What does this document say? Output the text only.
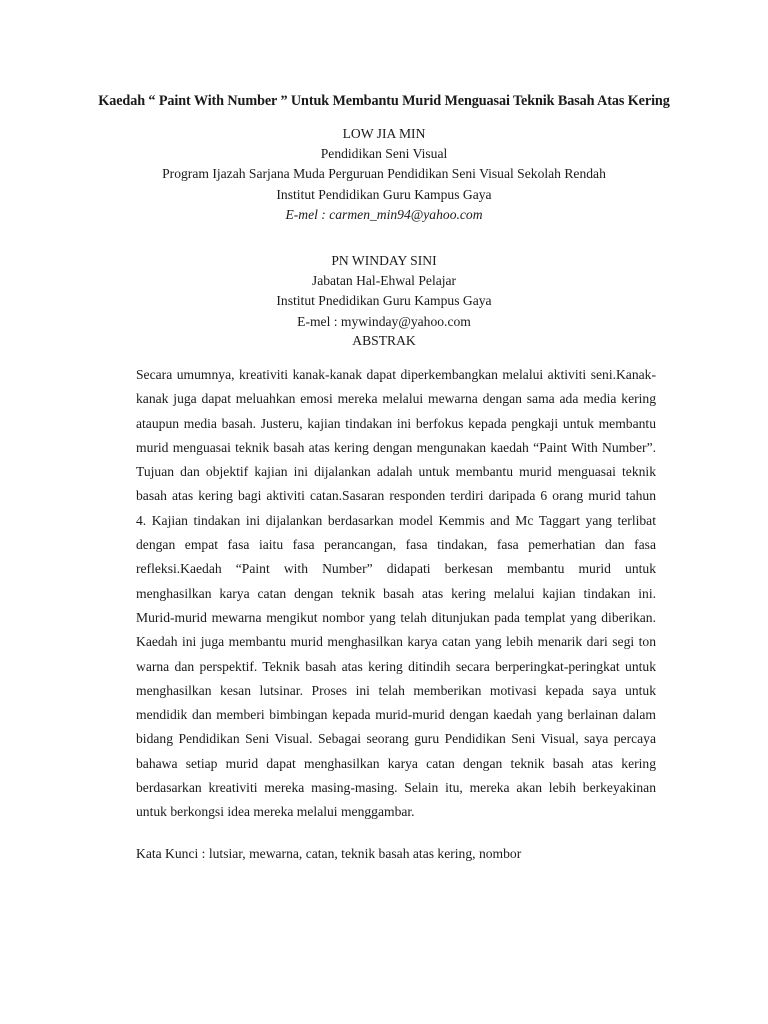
Kaedah “ Paint With Number ” Untuk Membantu Murid Menguasai Teknik Basah Atas Kering
LOW JIA MIN
Pendidikan Seni Visual
Program Ijazah Sarjana Muda Perguruan Pendidikan Seni Visual Sekolah Rendah
Institut Pendidikan Guru Kampus Gaya
E-mel : carmen_min94@yahoo.com
PN WINDAY SINI
Jabatan Hal-Ehwal Pelajar
Institut Pnedidikan Guru Kampus Gaya
E-mel : mywinday@yahoo.com
ABSTRAK
Secara umumnya, kreativiti kanak-kanak dapat diperkembangkan melalui aktiviti seni.Kanak-
kanak juga dapat meluahkan emosi mereka melalui mewarna dengan sama ada media kering
ataupun media basah. Justeru, kajian tindakan ini berfokus kepada pengkaji untuk membantu
murid menguasai teknik basah atas kering dengan mengunakan kaedah “Paint With Number”.
Tujuan dan objektif kajian ini dijalankan adalah untuk membantu murid menguasai teknik
basah atas kering bagi aktiviti catan.Sasaran responden terdiri daripada 6 orang murid tahun
4. Kajian tindakan ini dijalankan berdasarkan model Kemmis and Mc Taggart yang terlibat
dengan empat fasa iaitu fasa perancangan, fasa tindakan, fasa pemerhatian dan fasa
refleksi.Kaedah “Paint with Number” didapati berkesan membantu murid untuk
menghasilkan karya catan dengan teknik basah atas kering melalui kajian tindakan ini.
Murid-murid mewarna mengikut nombor yang telah ditunjukan pada templat yang diberikan.
Kaedah ini juga membantu murid menghasilkan karya catan yang lebih menarik dari segi ton
warna dan perspektif. Teknik basah atas kering ditindih secara berperingkat-peringkat untuk
menghasilkan kesan lutsinar. Proses ini telah memberikan motivasi kepada saya untuk
mendidik dan memberi bimbingan kepada murid-murid dengan kaedah yang berlainan dalam
bidang Pendidikan Seni Visual. Sebagai seorang guru Pendidikan Seni Visual, saya percaya
bahawa setiap murid dapat menghasilkan karya catan dengan teknik basah atas kering
berdasarkan kreativiti mereka masing-masing. Selain itu, mereka akan lebih berkeyakinan
untuk berkongsi idea mereka melalui menggambar.
Kata Kunci : lutsiar, mewarna, catan, teknik basah atas kering, nombor
